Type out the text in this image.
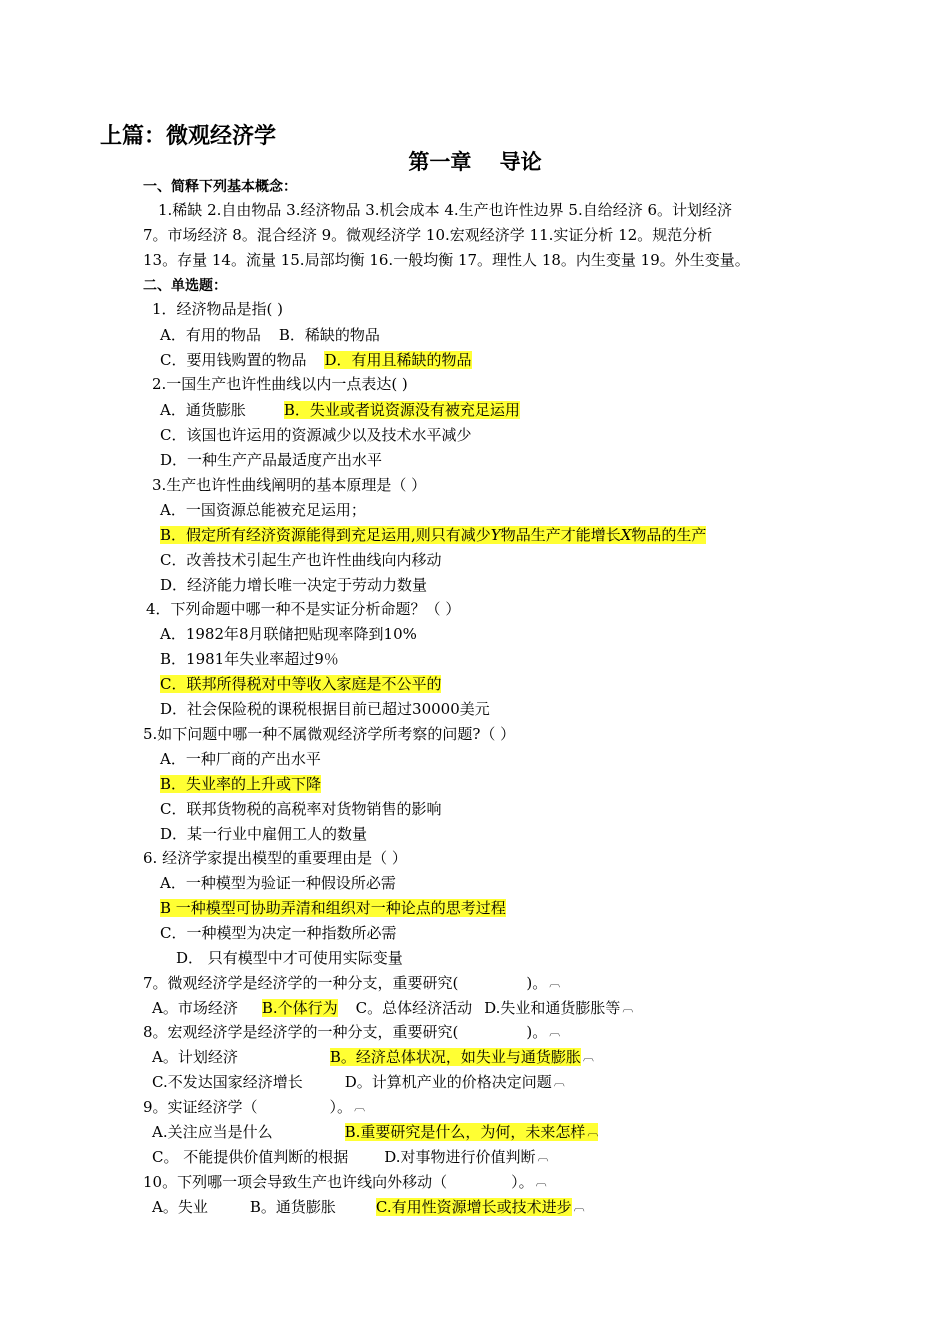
上篇：微观经济学
第一章　 导论
一、简释下列基本概念：
1.稀缺 2.自由物品 3.经济物品 3.机会成本 4.生产也许性边界 5.自给经济 6。计划经济
7。市场经济 8。混合经济 9。微观经济学 10.宏观经济学 11.实证分析 12。规范分析
13。存量 14。流量 15.局部均衡 16.一般均衡 17。理性人 18。内生变量 19。外生变量。
二、单选题：
1．经济物品是指( )
A．有用的物品 B．稀缺的物品
C．要用钱购置的物品 D．有用且稀缺的物品
2.一国生产也许性曲线以内一点表达( )
A．通货膨胀	B．失业或者说资源没有被充足运用
C．该国也许运用的资源减少以及技术水平减少
D．一种生产产品最适度产出水平
3.生产也许性曲线阐明的基本原理是（ ）
A．一国资源总能被充足运用；
B．假定所有经济资源能得到充足运用,则只有减少Y物品生产才能增长X物品的生产
C．改善技术引起生产也许性曲线向内移动
D．经济能力增长唯一决定于劳动力数量
4．下列命题中哪一种不是实证分析命题？（ ）
A．1982年8月联储把贴现率降到10%
B．1981年失业率超过9％
C．联邦所得税对中等收入家庭是不公平的
D．社会保险税的课税根据目前已超过30000美元
5.如下问题中哪一种不属微观经济学所考察的问题?（ ）
A．一种厂商的产出水平
B．失业率的上升或下降
C．联邦货物税的高税率对货物销售的影响
D．某一行业中雇佣工人的数量
6. 经济学家提出模型的重要理由是（ ）
A．一种模型为验证一种假设所必需
B 一种模型可协助弄清和组织对一种论点的思考过程
C．一种模型为决定一种指数所必需
D． 只有模型中才可使用实际变量
7。微观经济学是经济学的一种分支，重要研究(	)。 ︹
A。市场经济 B.个体行为 C。总体经济活动 D.失业和通货膨胀等 ︹
8。宏观经济学是经济学的一种分支，重要研究(	)。 ︹
A。计划经济	B。经济总体状况，如失业与通货膨胀 ︹
C.不发达国家经济增长	D。计算机产业的价格决定问题 ︹
9。实证经济学（	）。 ︹
A.关注应当是什么	B.重要研究是什么，为何，未来怎样 ︹
C。 不能提供价值判断的根据 D.对事物进行价值判断 ︹
10。下列哪一项会导致生产也许线向外移动（	）。 ︹
A。失业	B。通货膨胀	C.有用性资源增长或技术进步 ︹
